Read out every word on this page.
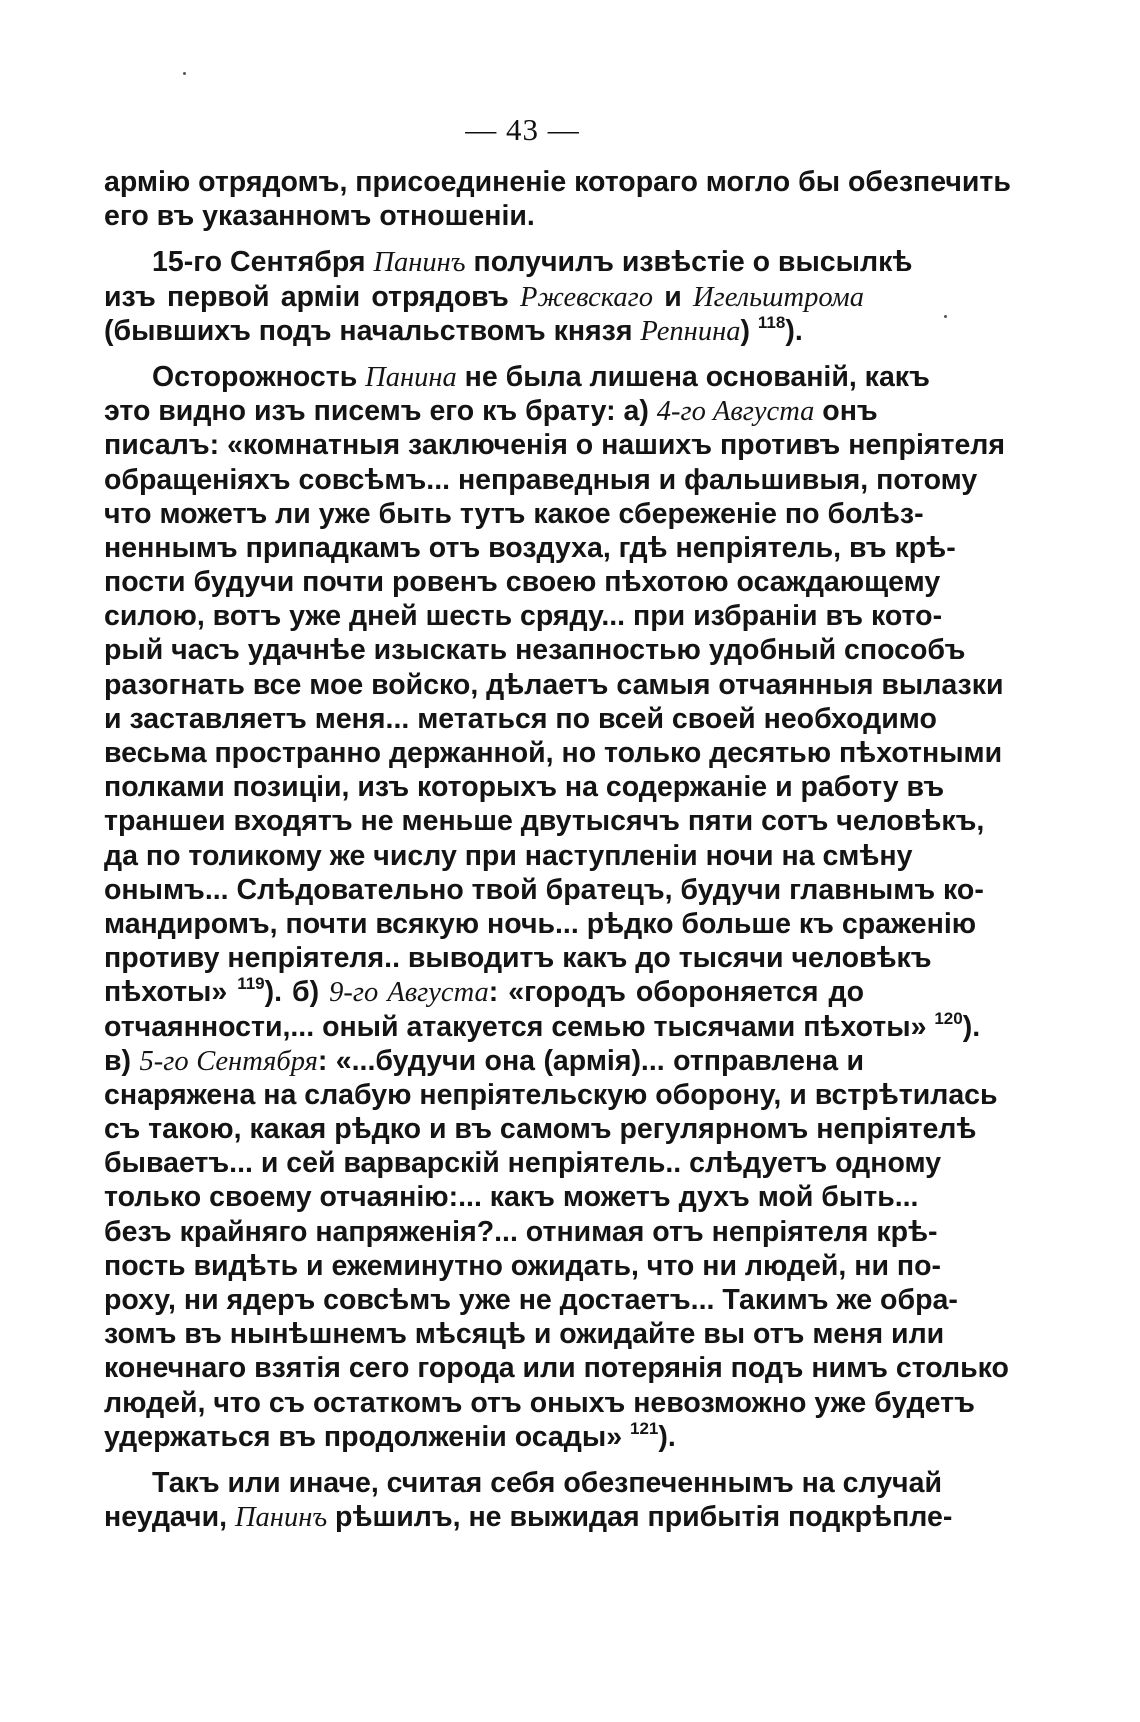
— 43 —
армію отрядомъ, присоединеніе котораго могло бы обезпечить
его въ указанномъ отношеніи.
15-го Сентября Панинъ получилъ извѣстіе о высылкѣ
изъ первой арміи отрядовъ Ржевскаго и Игельштрома
(бывшихъ подъ начальствомъ князя Репнина) $^{118}$).
Осторожность Панина не была лишена основаній, какъ
это видно изъ писемъ его къ брату: а) 4-го Августа онъ
писалъ: «комнатныя заключенія о нашихъ противъ непріятеля
обращеніяхъ совсѣмъ... неправедныя и фальшивыя, потому
что можетъ ли уже быть тутъ какое сбереженіе по болѣз-
неннымъ припадкамъ отъ воздуха, гдѣ непріятель, въ крѣ-
пости будучи почти ровенъ своею пѣхотою осаждающему
силою, вотъ уже дней шесть сряду... при избраніи въ кото-
рый часъ удачнѣе изыскать незапностью удобный способъ
разогнать все мое войско, дѣлаетъ самыя отчаянныя вылазки
и заставляетъ меня... метаться по всей своей необходимо
весьма пространно держанной, но только десятью пѣхотными
полками позиціи, изъ которыхъ на содержаніе и работу въ
траншеи входятъ не меньше двутысячъ пяти сотъ человѣкъ,
да по толикому же числу при наступленіи ночи на смѣну
онымъ... Слѣдовательно твой братецъ, будучи главнымъ ко-
мандиромъ, почти всякую ночь... рѣдко больше къ сраженію
противу непріятеля.. выводитъ какъ до тысячи человѣкъ
пѣхоты» $^{119}$). б) 9-го Августа: «городъ обороняется до
отчаянности,... оный атакуется семью тысячами пѣхоты» $^{120}$).
в) 5-го Сентября: «...будучи она (армія)... отправлена и
снаряжена на слабую непріятельскую оборону, и встрѣтилась
съ такою, какая рѣдко и въ самомъ регулярномъ непріятелѣ
бываетъ... и сей варварскій непріятель.. слѣдуетъ одному
только своему отчаянію:... какъ можетъ духъ мой быть...
безъ крайняго напряженія?... отнимая отъ непріятеля крѣ-
пость видѣть и ежеминутно ожидать, что ни людей, ни по-
роху, ни ядеръ совсѣмъ уже не достаетъ... Такимъ же обра-
зомъ въ нынѣшнемъ мѣсяцѣ и ожидайте вы отъ меня или
конечнаго взятія сего города или потерянія подъ нимъ столько
людей, что съ остаткомъ отъ оныхъ невозможно уже будетъ
удержаться въ продолженіи осады» $^{121}$).
Такъ или иначе, считая себя обезпеченнымъ на случай
неудачи, Панинъ рѣшилъ, не выжидая прибытія подкрѣпле-
